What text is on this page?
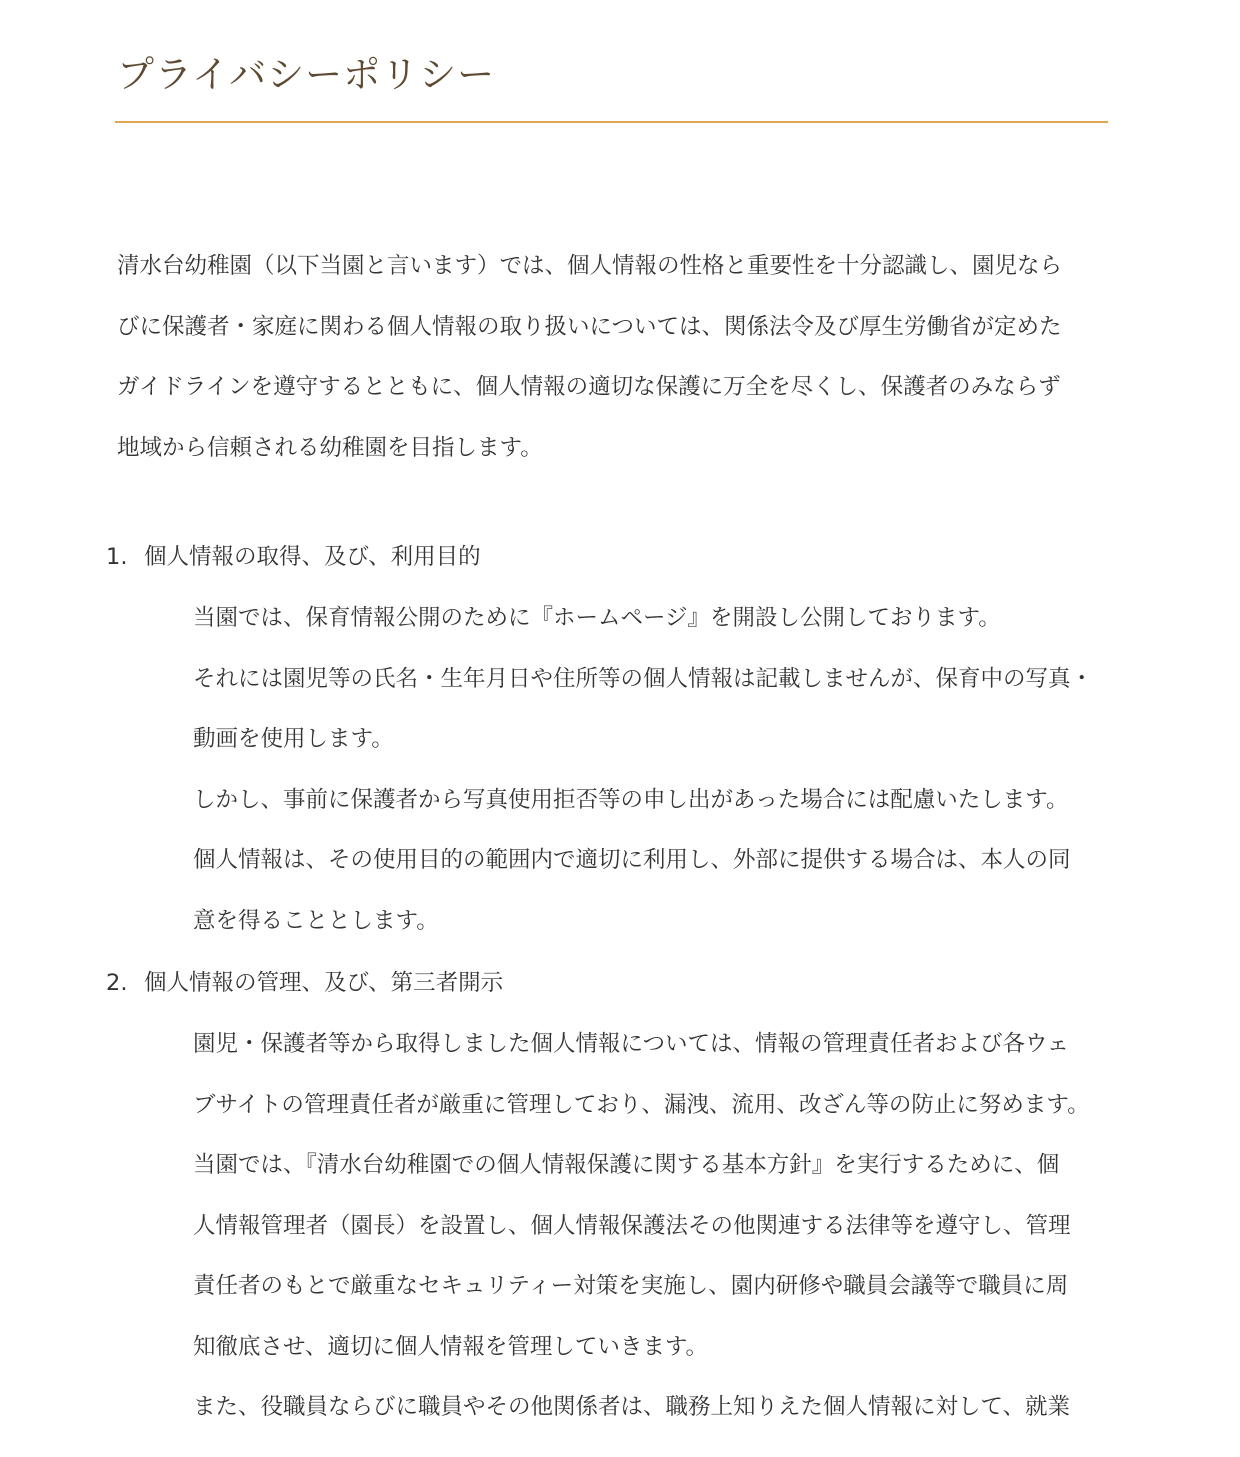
プライバシーポリシー

清水台幼稚園（以下当園と言います）では、個人情報の性格と重要性を十分認識し、園児なら
びに保護者・家庭に関わる個人情報の取り扱いについては、関係法令及び厚生労働省が定めた
ガイドラインを遵守するとともに、個人情報の適切な保護に万全を尽くし、保護者のみならず
地域から信頼される幼稚園を目指します。

1. 個人情報の取得、及び、利用目的
当園では、保育情報公開のために『ホームページ』を開設し公開しております。
それには園児等の氏名・生年月日や住所等の個人情報は記載しませんが、保育中の写真・
動画を使用します。
しかし、事前に保護者から写真使用拒否等の申し出があった場合には配慮いたします。
個人情報は、その使用目的の範囲内で適切に利用し、外部に提供する場合は、本人の同
意を得ることとします。
2. 個人情報の管理、及び、第三者開示
園児・保護者等から取得しました個人情報については、情報の管理責任者および各ウェ
ブサイトの管理責任者が厳重に管理しており、漏洩、流用、改ざん等の防止に努めます。
当園では、『清水台幼稚園での個人情報保護に関する基本方針』を実行するために、個
人情報管理者（園長）を設置し、個人情報保護法その他関連する法律等を遵守し、管理
責任者のもとで厳重なセキュリティー対策を実施し、園内研修や職員会議等で職員に周
知徹底させ、適切に個人情報を管理していきます。
また、役職員ならびに職員やその他関係者は、職務上知りえた個人情報に対して、就業
